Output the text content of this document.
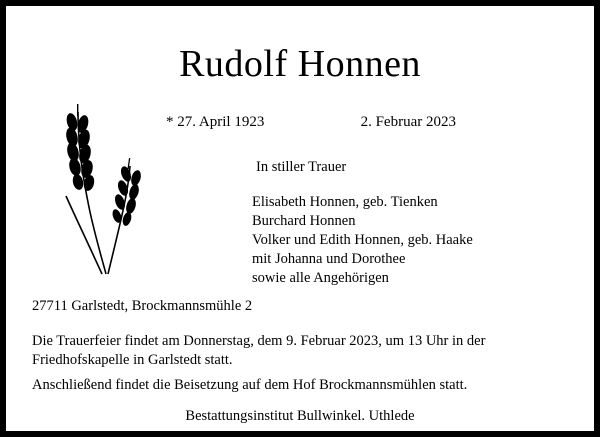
Rudolf Honnen
* 27. April 1923	2. Februar 2023
In stiller Trauer
Elisabeth Honnen, geb. Tienken
Burchard Honnen
Volker und Edith Honnen, geb. Haake
mit Johanna und Dorothee
sowie alle Angehörigen
27711 Garlstedt, Brockmannsmühle 2
Die Trauerfeier findet am Donnerstag, dem 9. Februar 2023, um 13 Uhr in der Friedhofskapelle in Garlstedt statt.
Anschließend findet die Beisetzung auf dem Hof Brockmannsmühlen statt.
Bestattungsinstitut Bullwinkel. Uthlede
